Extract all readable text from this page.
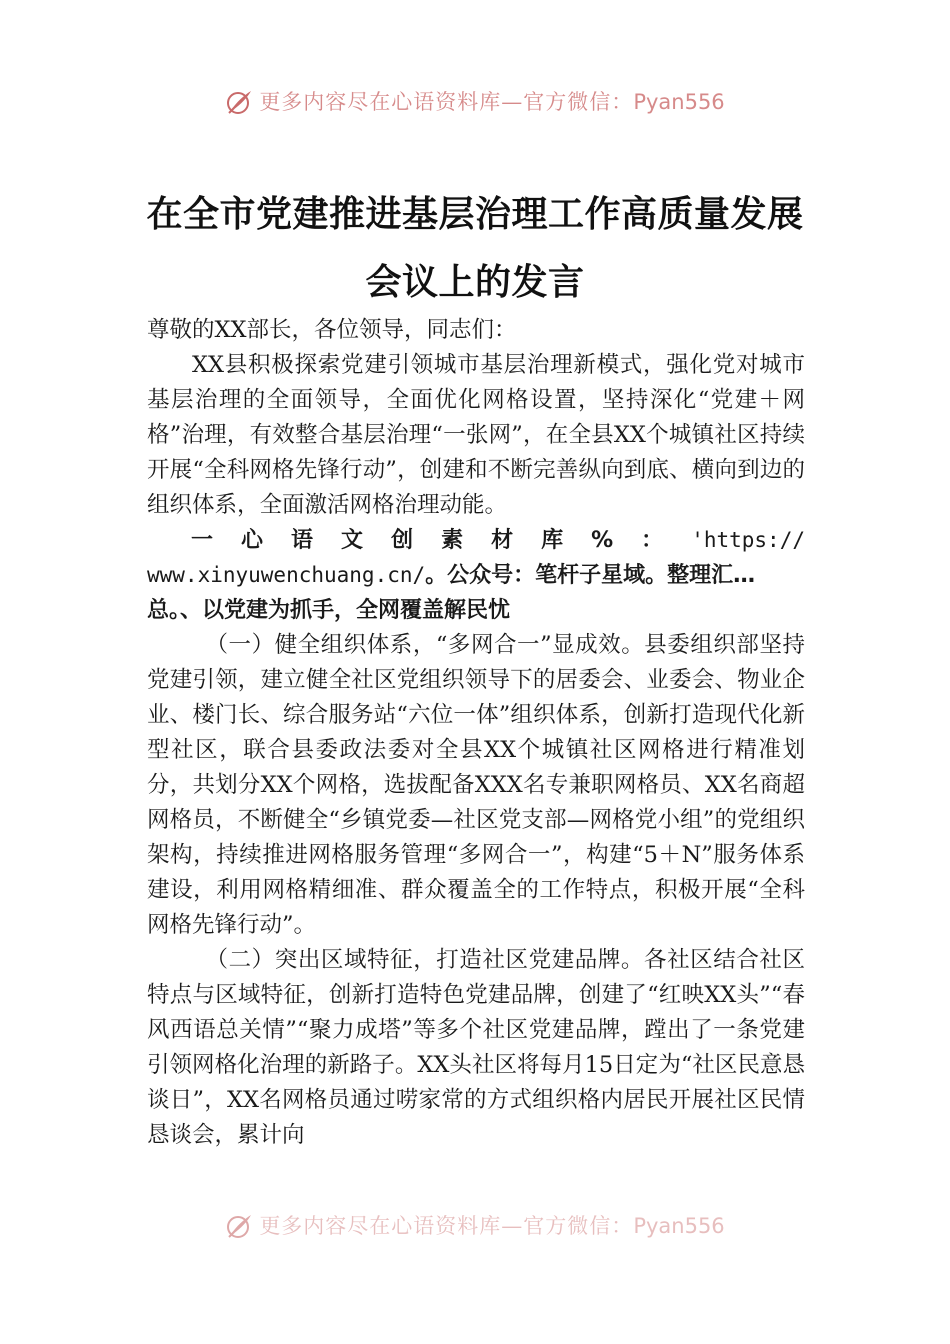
更多内容尽在心语资料库—官方微信：Pyan556
在全市党建推进基层治理工作高质量发展
会议上的发言

尊敬的XX部长，各位领导，同志们：

XX县积极探索党建引领城市基层治理新模式，强化党对城市基层治理的全面领导，全面优化网格设置，坚持深化“党建＋网格”治理，有效整合基层治理“一张网”，在全县XX个城镇社区持续开展“全科网格先锋行动”，创建和不断完善纵向到底、横向到边的组织体系，全面激活网格治理动能。

一 心 语 文 创 素 材 库 % ： 'https://

www.xinyuwenchuang.cn/。公众号：笔杆子星域。整理汇…

总。、以党建为抓手，全网覆盖解民忧

（一）健全组织体系，“多网合一”显成效。县委组织部坚持党建引领，建立健全社区党组织领导下的居委会、业委会、物业企业、楼门长、综合服务站“六位一体”组织体系，创新打造现代化新型社区，联合县委政法委对全县XX个城镇社区网格进行精准划分，共划分XX个网格，选拔配备XXX名专兼职网格员、XX名商超网格员，不断健全“乡镇党委—社区党支部—网格党小组”的党组织架构，持续推进网格服务管理“多网合一”，构建“5＋N”服务体系建设，利用网格精细准、群众覆盖全的工作特点，积极开展“全科网格先锋行动”。

（二）突出区域特征，打造社区党建品牌。各社区结合社区特点与区域特征，创新打造特色党建品牌，创建了“红映XX头”“春风西语总关情”“聚力成塔”等多个社区党建品牌，蹚出了一条党建引领网格化治理的新路子。XX头社区将每月15日定为“社区民意恳谈日”，XX名网格员通过唠家常的方式组织格内居民开展社区民情恳谈会，累计向

更多内容尽在心语资料库—官方微信：Pyan556
